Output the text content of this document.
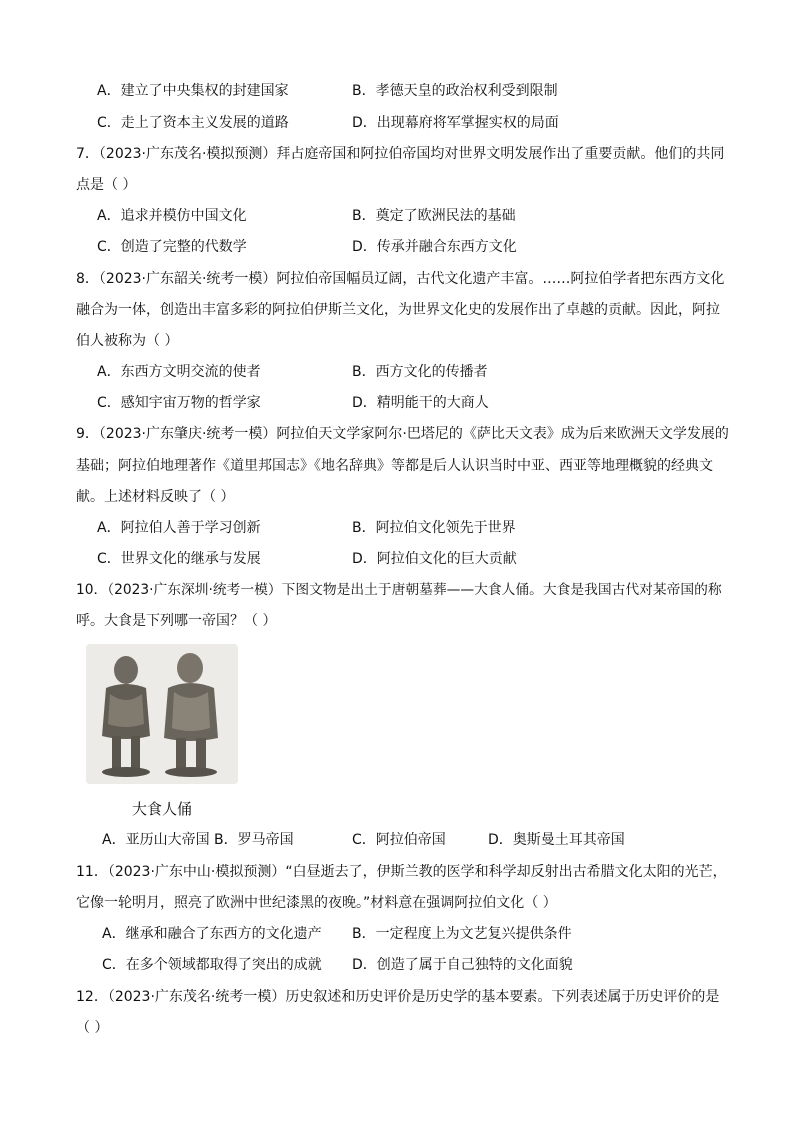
A．建立了中央集权的封建国家	B．孝德天皇的政治权利受到限制
C．走上了资本主义发展的道路	D．出现幕府将军掌握实权的局面
7．（2023·广东茂名·模拟预测）拜占庭帝国和阿拉伯帝国均对世界文明发展作出了重要贡献。他们的共同
点是（ ）
A．追求并模仿中国文化	B．奠定了欧洲民法的基础
C．创造了完整的代数学	D．传承并融合东西方文化
8．（2023·广东韶关·统考一模）阿拉伯帝国幅员辽阔，古代文化遗产丰富。……阿拉伯学者把东西方文化
融合为一体，创造出丰富多彩的阿拉伯伊斯兰文化，为世界文化史的发展作出了卓越的贡献。因此，阿拉
伯人被称为（ ）
A．东西方文明交流的使者	B．西方文化的传播者
C．感知宇宙万物的哲学家	D．精明能干的大商人
9．（2023·广东肇庆·统考一模）阿拉伯天文学家阿尔·巴塔尼的《萨比天文表》成为后来欧洲天文学发展的
基础；阿拉伯地理著作《道里邦国志》《地名辞典》等都是后人认识当时中亚、西亚等地理概貌的经典文
献。上述材料反映了（ ）
A．阿拉伯人善于学习创新	B．阿拉伯文化领先于世界
C．世界文化的继承与发展	D．阿拉伯文化的巨大贡献
10．（2023·广东深圳·统考一模）下图文物是出土于唐朝墓葬——大食人俑。大食是我国古代对某帝国的称
呼。大食是下列哪一帝国？（ ）
大食人俑
A．亚历山大帝国 B．罗马帝国	C．阿拉伯帝国	D．奥斯曼土耳其帝国
11．（2023·广东中山·模拟预测）“白昼逝去了，伊斯兰教的医学和科学却反射出古希腊文化太阳的光芒，
它像一轮明月，照亮了欧洲中世纪漆黑的夜晚。”材料意在强调阿拉伯文化（ ）
A．继承和融合了东西方的文化遗产 B．一定程度上为文艺复兴提供条件
C．在多个领域都取得了突出的成就 D．创造了属于自己独特的文化面貌
12．（2023·广东茂名·统考一模）历史叙述和历史评价是历史学的基本要素。下列表述属于历史评价的是
（ ）
